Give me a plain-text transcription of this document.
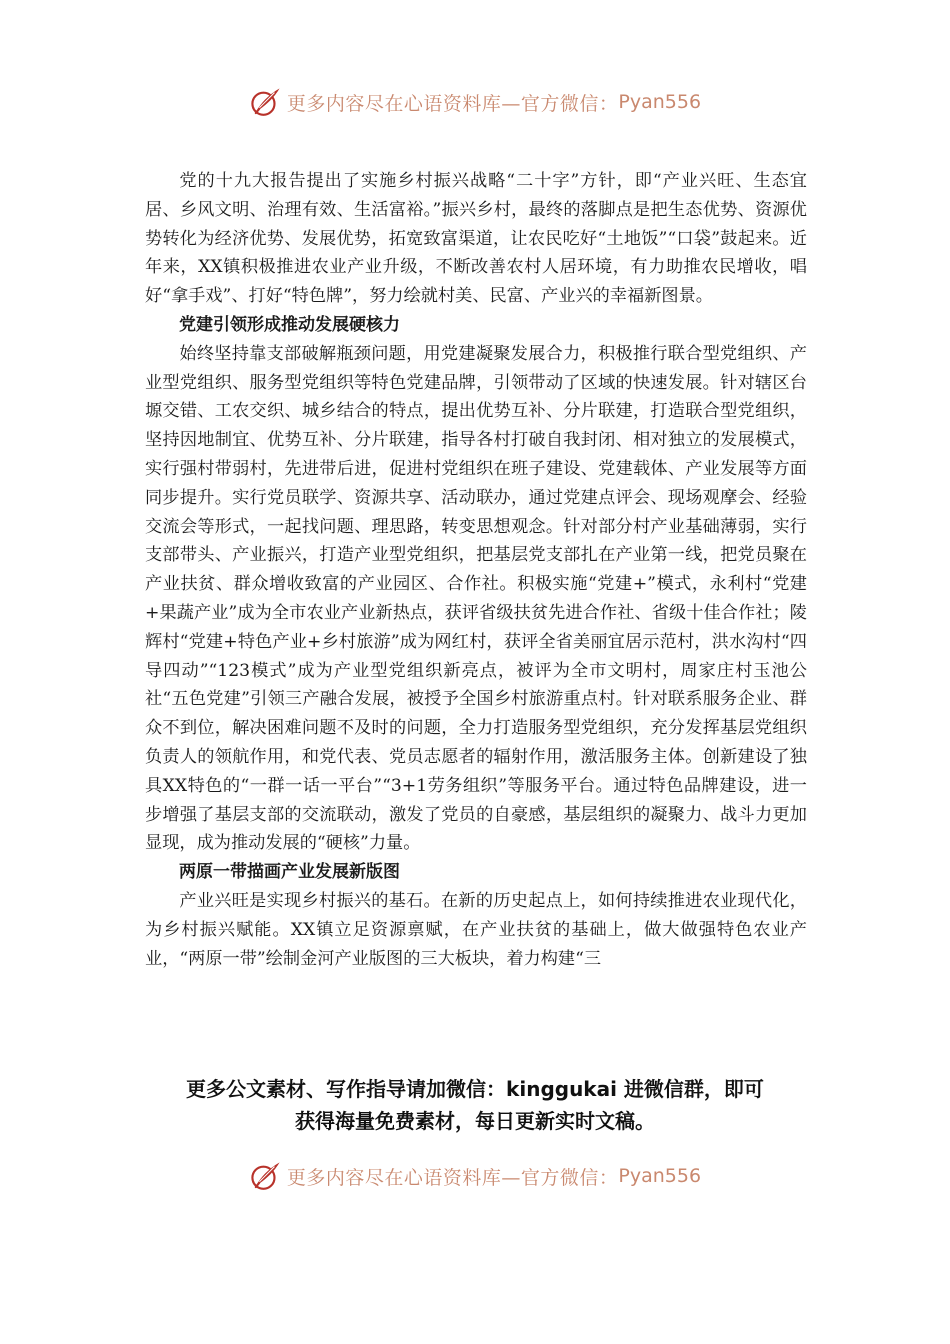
更多内容尽在心语资料库—官方微信： Pyan556

党的十九大报告提出了实施乡村振兴战略“二十字”方针，即“产业兴旺、生态宜居、乡风文明、治理有效、生活富裕。”振兴乡村，最终的落脚点是把生态优势、资源优势转化为经济优势、发展优势，拓宽致富渠道，让农民吃好“土地饭”“口袋”鼓起来。近年来，XX镇积极推进农业产业升级，不断改善农村人居环境，有力助推农民增收，唱好“拿手戏”、打好“特色牌”，努力绘就村美、民富、产业兴的幸福新图景。

党建引领形成推动发展硬核力

始终坚持靠支部破解瓶颈问题，用党建凝聚发展合力，积极推行联合型党组织、产业型党组织、服务型党组织等特色党建品牌，引领带动了区域的快速发展。针对辖区台塬交错、工农交织、城乡结合的特点，提出优势互补、分片联建，打造联合型党组织，坚持因地制宜、优势互补、分片联建，指导各村打破自我封闭、相对独立的发展模式，实行强村带弱村，先进带后进，促进村党组织在班子建设、党建载体、产业发展等方面同步提升。实行党员联学、资源共享、活动联办，通过党建点评会、现场观摩会、经验交流会等形式，一起找问题、理思路，转变思想观念。针对部分村产业基础薄弱，实行支部带头、产业振兴，打造产业型党组织，把基层党支部扎在产业第一线，把党员聚在产业扶贫、群众增收致富的产业园区、合作社。积极实施“党建+”模式，永利村“党建+果蔬产业”成为全市农业产业新热点，获评省级扶贫先进合作社、省级十佳合作社；陵辉村“党建+特色产业+乡村旅游”成为网红村，获评全省美丽宜居示范村，洪水沟村“四导四动”“123模式”成为产业型党组织新亮点，被评为全市文明村，周家庄村玉池公社“五色党建”引领三产融合发展，被授予全国乡村旅游重点村。针对联系服务企业、群众不到位，解决困难问题不及时的问题，全力打造服务型党组织，充分发挥基层党组织负责人的领航作用，和党代表、党员志愿者的辐射作用，激活服务主体。创新建设了独具XX特色的“一群一话一平台”“3+1劳务组织”等服务平台。通过特色品牌建设，进一步增强了基层支部的交流联动，激发了党员的自豪感，基层组织的凝聚力、战斗力更加显现，成为推动发展的“硬核”力量。

两原一带描画产业发展新版图

产业兴旺是实现乡村振兴的基石。在新的历史起点上，如何持续推进农业现代化，为乡村振兴赋能。XX镇立足资源禀赋，在产业扶贫的基础上，做大做强特色农业产业，“两原一带”绘制金河产业版图的三大板块，着力构建“三

更多公文素材、写作指导请加微信：kinggukai 进微信群，即可
获得海量免费素材，每日更新实时文稿。
更多内容尽在心语资料库—官方微信： Pyan556
